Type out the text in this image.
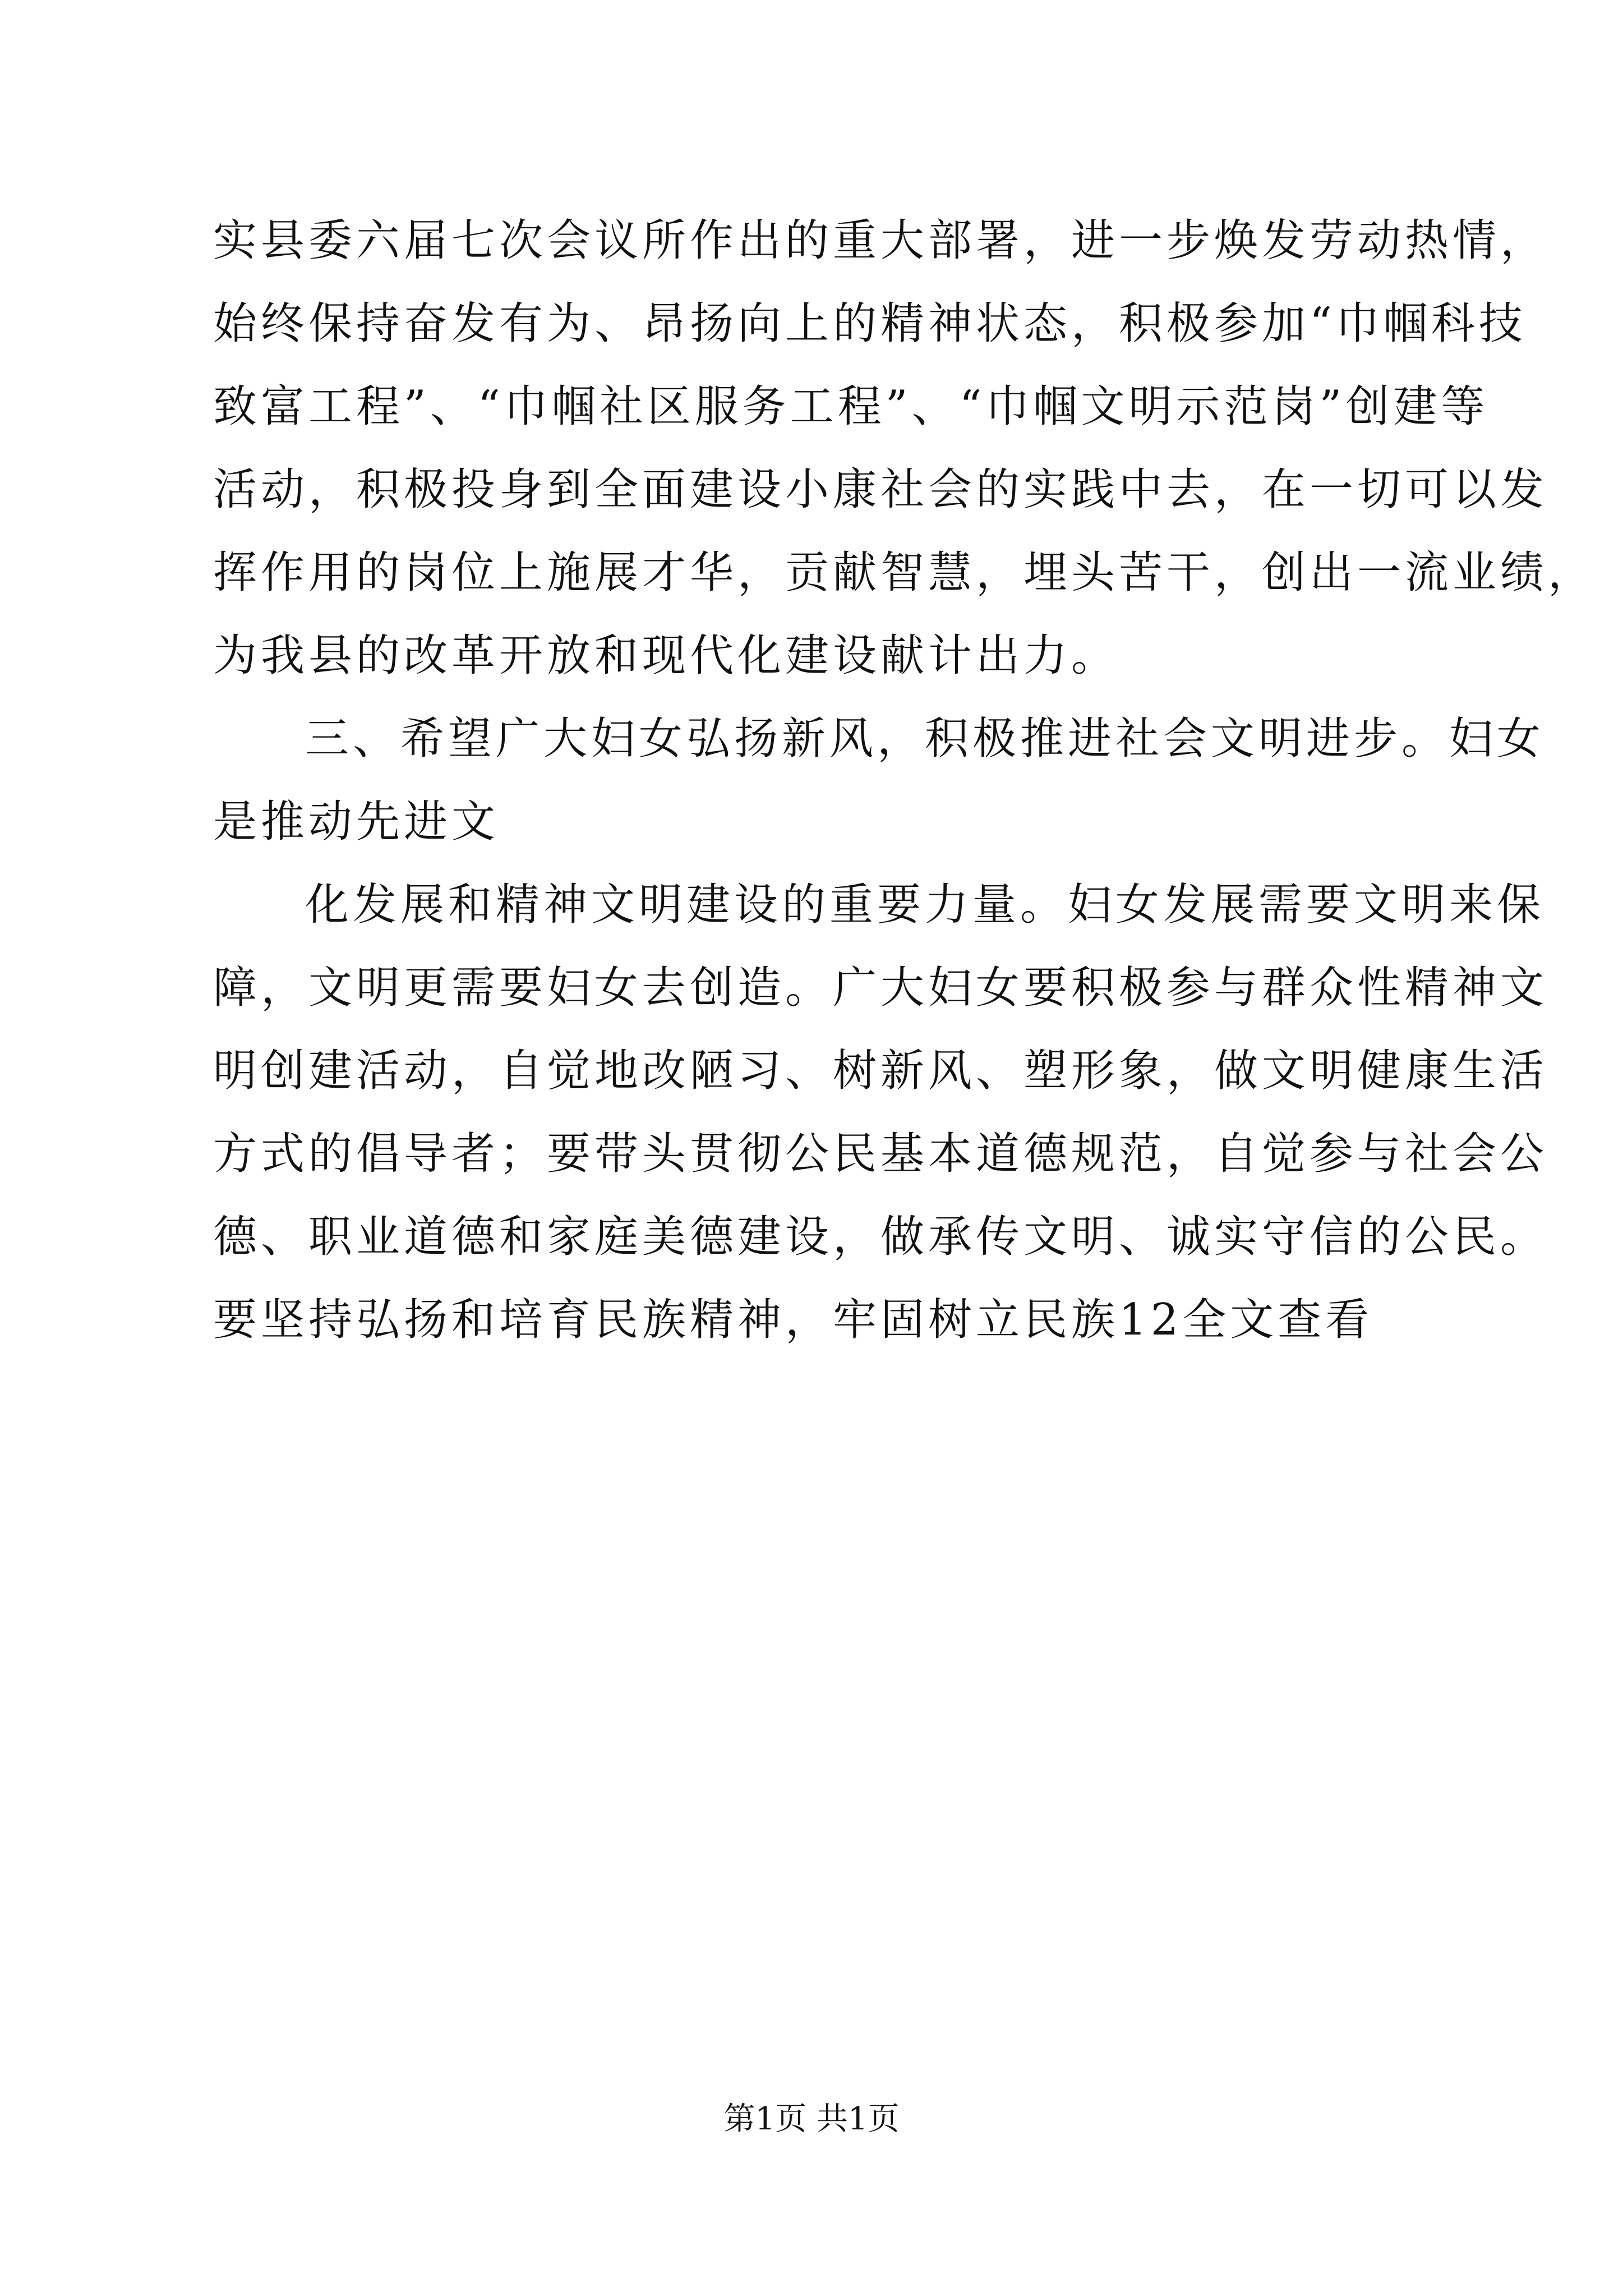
实县委六届七次会议所作出的重大部署，进一步焕发劳动热情，
始终保持奋发有为、昂扬向上的精神状态，积极参加“巾帼科技
致富工程”、“巾帼社区服务工程”、“巾帼文明示范岗”创建等
活动，积极投身到全面建设小康社会的实践中去，在一切可以发
挥作用的岗位上施展才华，贡献智慧，埋头苦干，创出一流业绩，
为我县的改革开放和现代化建设献计出力。
三、希望广大妇女弘扬新风，积极推进社会文明进步。妇女
是推动先进文
化发展和精神文明建设的重要力量。妇女发展需要文明来保
障，文明更需要妇女去创造。广大妇女要积极参与群众性精神文
明创建活动，自觉地改陋习、树新风、塑形象，做文明健康生活
方式的倡导者；要带头贯彻公民基本道德规范，自觉参与社会公
德、职业道德和家庭美德建设，做承传文明、诚实守信的公民。
要坚持弘扬和培育民族精神，牢固树立民族12全文查看
第1页 共1页
